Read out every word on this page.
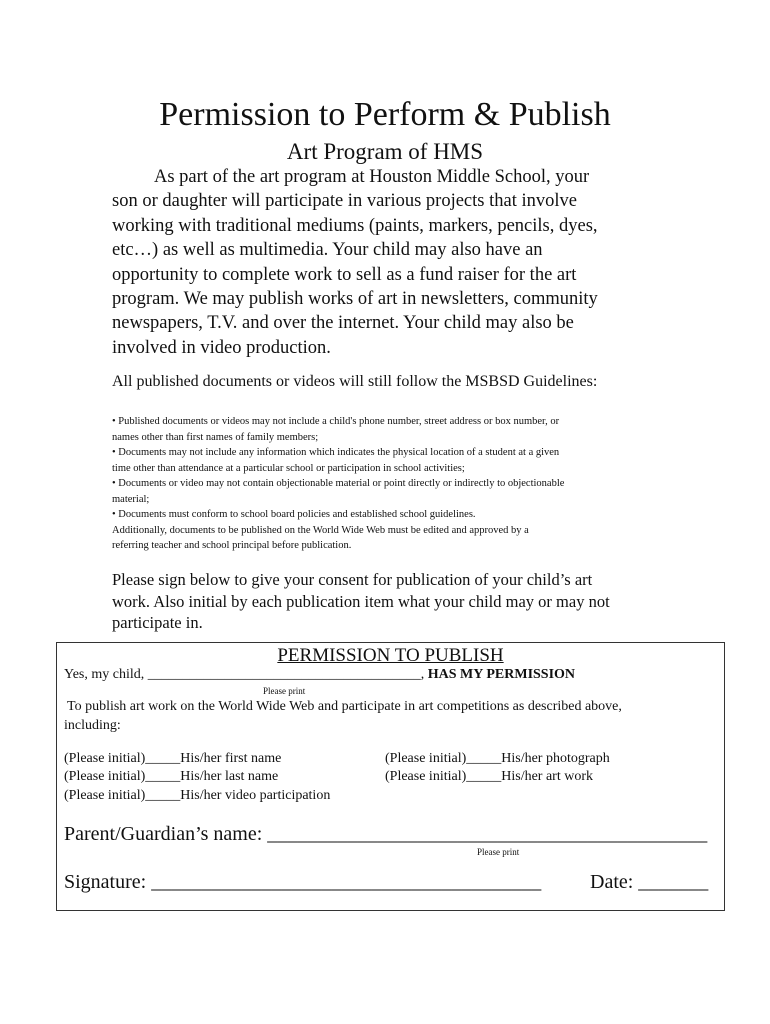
Permission to Perform & Publish
Art Program of HMS
As part of the art program at Houston Middle School, your
son or daughter will participate in various projects that involve
working with traditional mediums (paints, markers, pencils, dyes,
etc…) as well as multimedia. Your child may also have an
opportunity to complete work to sell as a fund raiser for the art
program. We may publish works of art in newsletters, community
newspapers, T.V. and over the internet. Your child may also be
involved in video production.
All published documents or videos will still follow the MSBSD Guidelines:
• Published documents or videos may not include a child's phone number, street address or box number, or
names other than first names of family members;
• Documents may not include any information which indicates the physical location of a student at a given
time other than attendance at a particular school or participation in school activities;
• Documents or video may not contain objectionable material or point directly or indirectly to objectionable
material;
• Documents must conform to school board policies and established school guidelines.
Additionally, documents to be published on the World Wide Web must be edited and approved by a
referring teacher and school principal before publication.
Please sign below to give your consent for publication of your child’s art
work. Also initial by each publication item what your child may or may not
participate in.
PERMISSION TO PUBLISH
Yes, my child, _______________________________________, HAS MY PERMISSION
Please print
To publish art work on the World Wide Web and participate in art competitions as described above,
including:
(Please initial)_____His/her first name
(Please initial)_____His/her last name
(Please initial)_____His/her video participation
(Please initial)_____His/her photograph
(Please initial)_____His/her art work
Parent/Guardian’s name: ____________________________________________
Please print
Signature: _______________________________________ Date: _______
